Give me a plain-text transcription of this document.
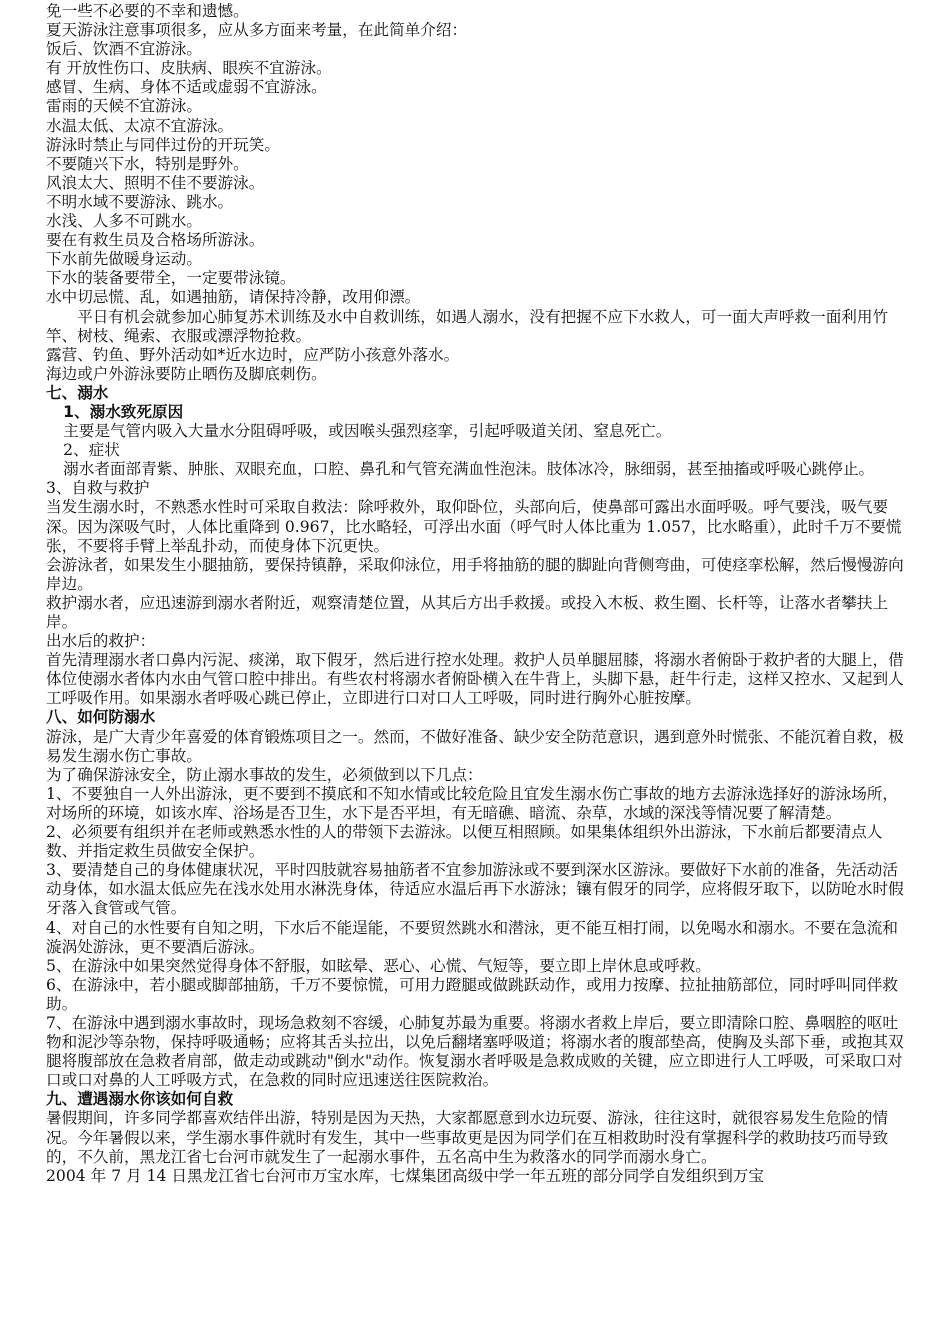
免一些不必要的不幸和遗憾。
夏天游泳注意事项很多，应从多方面来考量，在此简单介绍：
饭后、饮酒不宜游泳。
有 开放性伤口、皮肤病、眼疾不宜游泳。
感冒、生病、身体不适或虚弱不宜游泳。
雷雨的天候不宜游泳。
水温太低、太凉不宜游泳。
游泳时禁止与同伴过份的开玩笑。
不要随兴下水，特别是野外。
风浪太大、照明不佳不要游泳。
不明水域不要游泳、跳水。
水浅、人多不可跳水。
要在有救生员及合格场所游泳。
下水前先做暖身运动。
下水的装备要带全，一定要带泳镜。
水中切忌慌、乱，如遇抽筋，请保持冷静，改用仰漂。
平日有机会就参加心肺复苏术训练及水中自救训练，如遇人溺水，没有把握不应下水救人，可一面大声呼救一面利用竹竿、树枝、绳索、衣服或漂浮物抢救。
露营、钓鱼、野外活动如*近水边时，应严防小孩意外落水。
海边或户外游泳要防止晒伤及脚底刺伤。
七、溺水
1、溺水致死原因
主要是气管内吸入大量水分阻碍呼吸，或因喉头强烈痉挛，引起呼吸道关闭、窒息死亡。
2、症状
溺水者面部青紫、肿胀、双眼充血，口腔、鼻孔和气管充满血性泡沫。肢体冰冷，脉细弱，甚至抽搐或呼吸心跳停止。
3、自救与救护
当发生溺水时，不熟悉水性时可采取自救法：除呼救外，取仰卧位，头部向后，使鼻部可露出水面呼吸。呼气要浅，吸气要深。因为深吸气时，人体比重降到 0.967，比水略轻，可浮出水面（呼气时人体比重为 1.057，比水略重），此时千万不要慌张，不要将手臂上举乱扑动，而使身体下沉更快。
会游泳者，如果发生小腿抽筋，要保持镇静，采取仰泳位，用手将抽筋的腿的脚趾向背侧弯曲，可使痉挛松解，然后慢慢游向岸边。
救护溺水者，应迅速游到溺水者附近，观察清楚位置，从其后方出手救援。或投入木板、救生圈、长杆等，让落水者攀扶上岸。
出水后的救护：
首先清理溺水者口鼻内污泥、痰涕，取下假牙，然后进行控水处理。救护人员单腿屈膝，将溺水者俯卧于救护者的大腿上，借体位使溺水者体内水由气管口腔中排出。有些农村将溺水者俯卧横入在牛背上，头脚下悬，赶牛行走，这样又控水、又起到人工呼吸作用。如果溺水者呼吸心跳已停止，立即进行口对口人工呼吸，同时进行胸外心脏按摩。
八、如何防溺水
游泳，是广大青少年喜爱的体育锻炼项目之一。然而，不做好准备、缺少安全防范意识，遇到意外时慌张、不能沉着自救，极易发生溺水伤亡事故。
为了确保游泳安全，防止溺水事故的发生，必须做到以下几点：
1、不要独自一人外出游泳，更不要到不摸底和不知水情或比较危险且宜发生溺水伤亡事故的地方去游泳选择好的游泳场所，对场所的环境，如该水库、浴场是否卫生，水下是否平坦，有无暗礁、暗流、杂草，水域的深浅等情况要了解清楚。
2、必须要有组织并在老师或熟悉水性的人的带领下去游泳。以便互相照顾。如果集体组织外出游泳，下水前后都要清点人数、并指定救生员做安全保护。
3、要清楚自己的身体健康状况，平时四肢就容易抽筋者不宜参加游泳或不要到深水区游泳。要做好下水前的准备，先活动活动身体，如水温太低应先在浅水处用水淋洗身体，待适应水温后再下水游泳；镶有假牙的同学，应将假牙取下，以防呛水时假牙落入食管或气管。
4、对自己的水性要有自知之明，下水后不能逞能，不要贸然跳水和潜泳，更不能互相打闹，以免喝水和溺水。不要在急流和漩涡处游泳，更不要酒后游泳。
5、在游泳中如果突然觉得身体不舒服，如眩晕、恶心、心慌、气短等，要立即上岸休息或呼救。
6、在游泳中，若小腿或脚部抽筋，千万不要惊慌，可用力蹬腿或做跳跃动作，或用力按摩、拉扯抽筋部位，同时呼叫同伴救助。
7、在游泳中遇到溺水事故时，现场急救刻不容缓，心肺复苏最为重要。将溺水者救上岸后，要立即清除口腔、鼻咽腔的呕吐物和泥沙等杂物，保持呼吸通畅；应将其舌头拉出，以免后翻堵塞呼吸道；将溺水者的腹部垫高，使胸及头部下垂，或抱其双腿将腹部放在急救者肩部，做走动或跳动"倒水"动作。恢复溺水者呼吸是急救成败的关键，应立即进行人工呼吸，可采取口对口或口对鼻的人工呼吸方式，在急救的同时应迅速送往医院救治。
九、遭遇溺水你该如何自救
暑假期间，许多同学都喜欢结伴出游，特别是因为天热，大家都愿意到水边玩耍、游泳，往往这时，就很容易发生危险的情况。今年暑假以来，学生溺水事件就时有发生，其中一些事故更是因为同学们在互相救助时没有掌握科学的救助技巧而导致的，不久前，黑龙江省七台河市就发生了一起溺水事件，五名高中生为救落水的同学而溺水身亡。
2004 年 7 月 14 日黑龙江省七台河市万宝水库，七煤集团高级中学一年五班的部分同学自发组织到万宝
